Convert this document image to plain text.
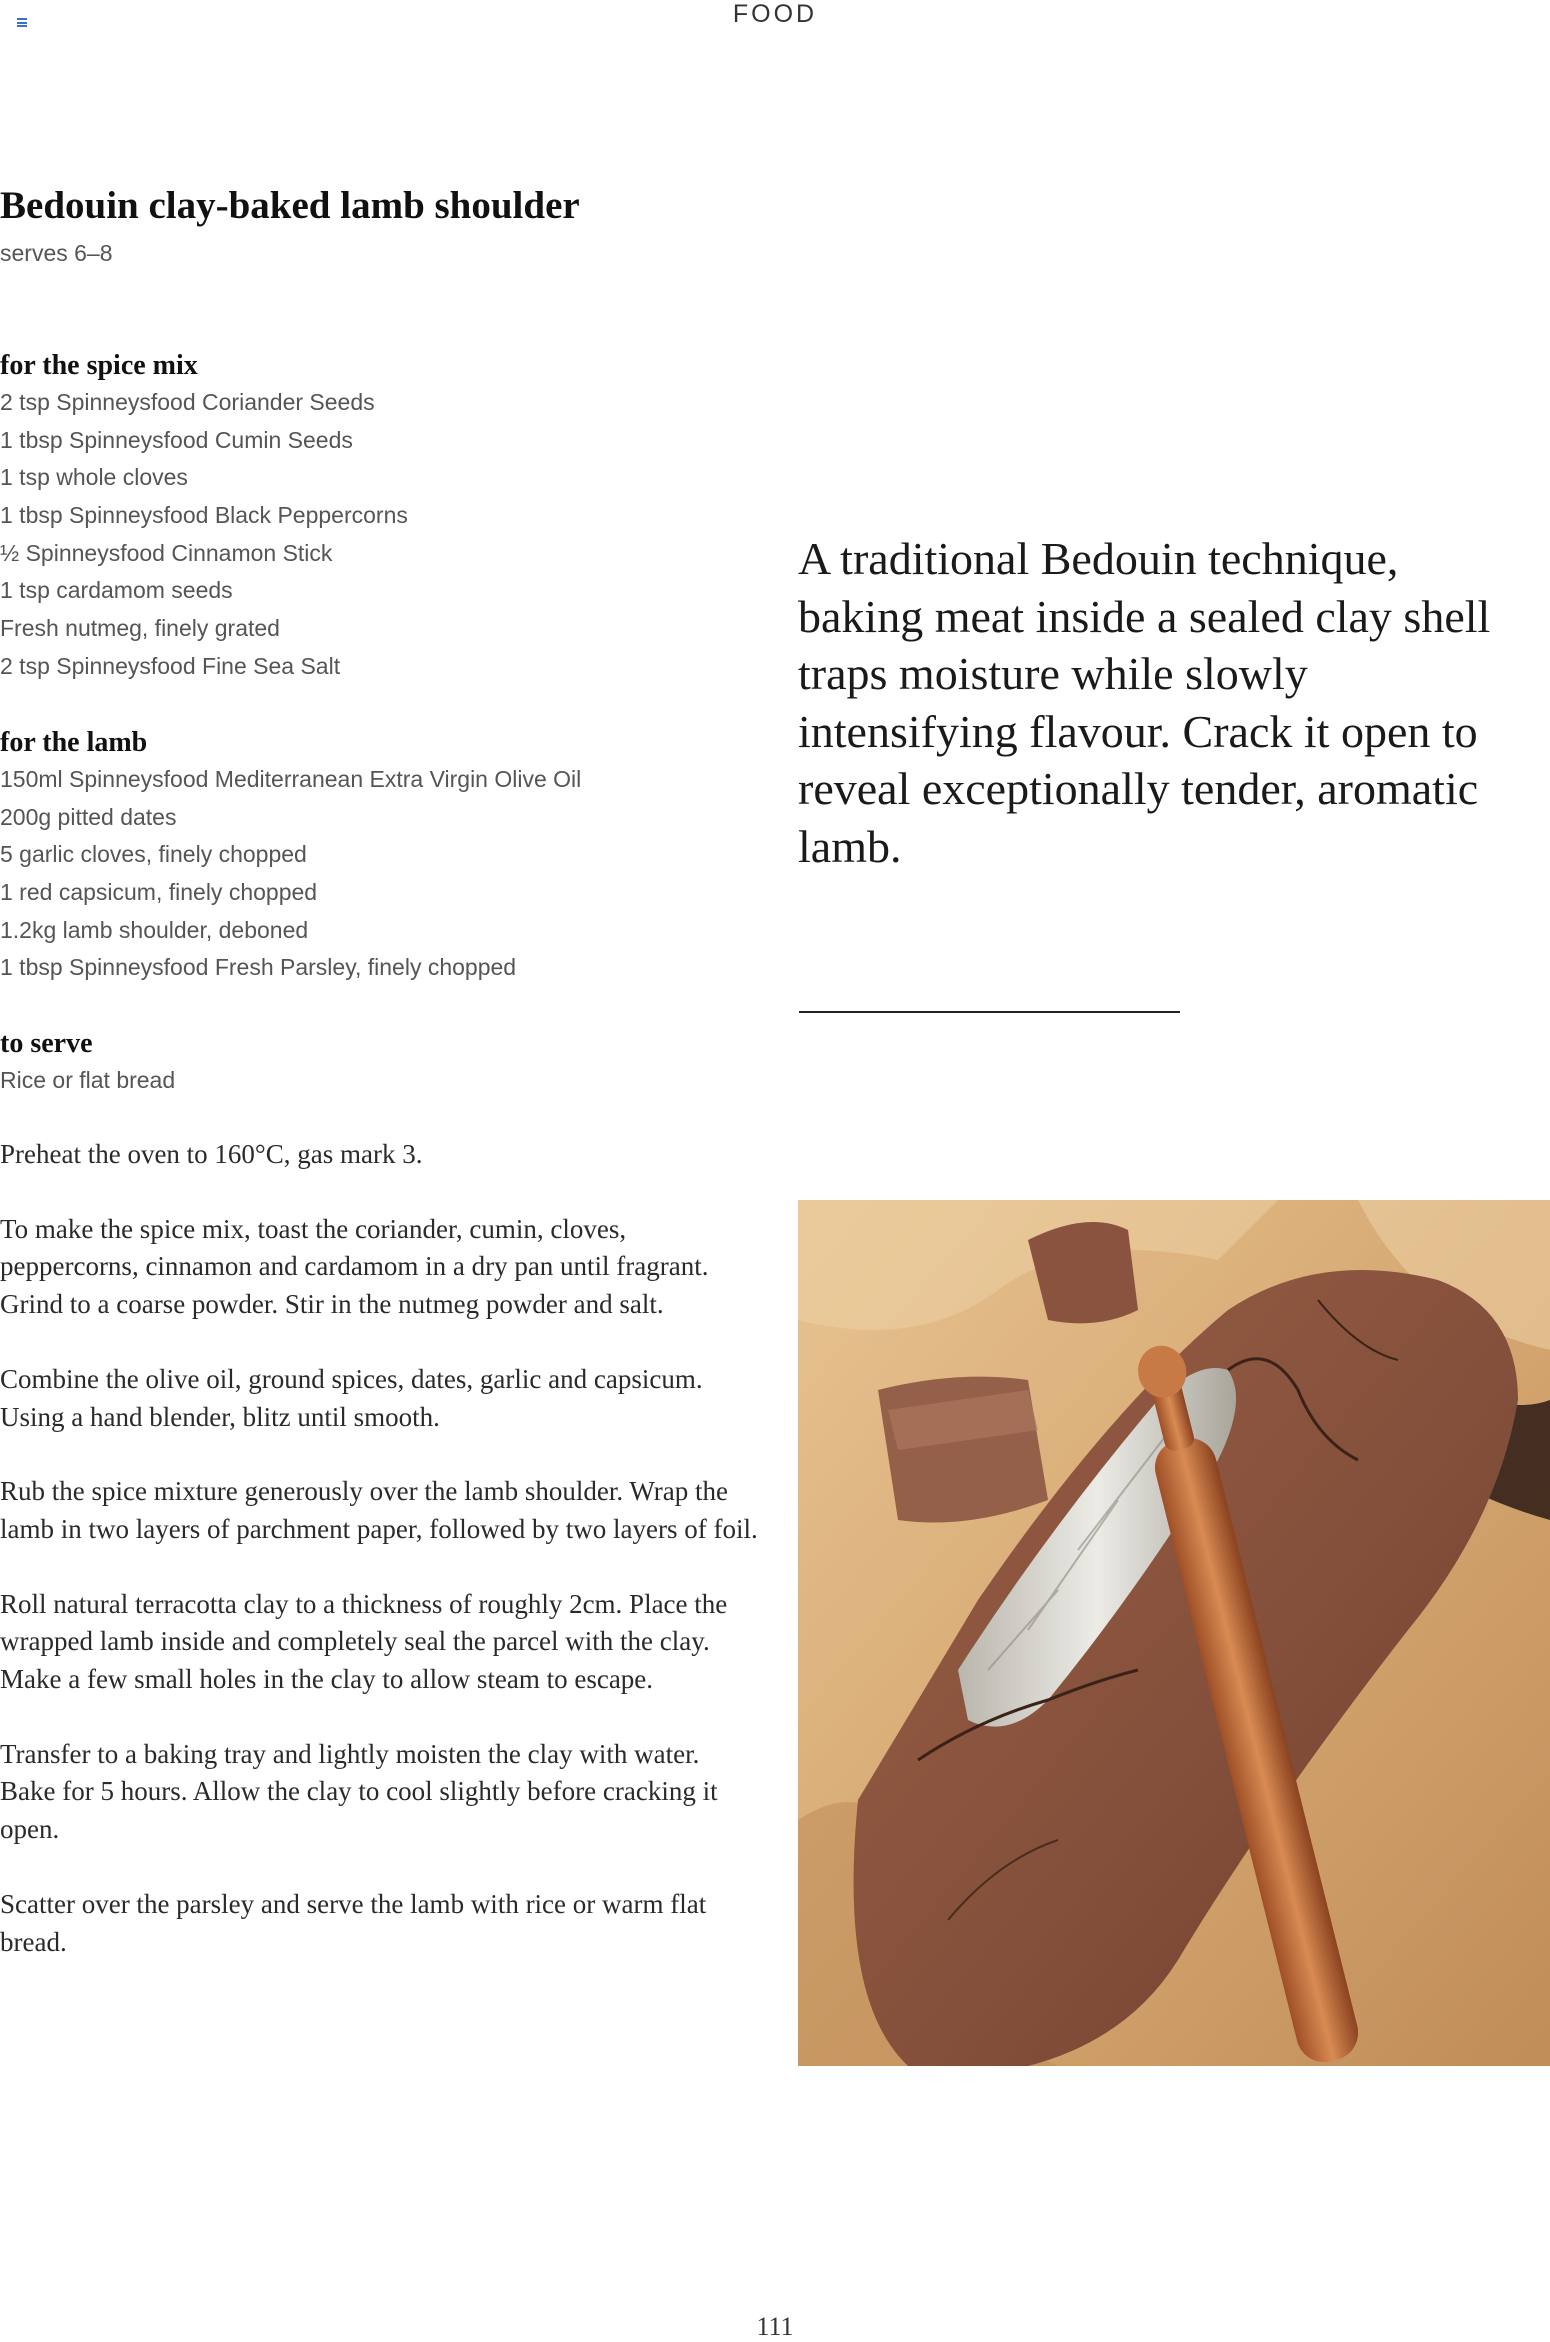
FOOD
Bedouin clay-baked lamb shoulder
serves 6–8
for the spice mix
2 tsp Spinneysfood Coriander Seeds
1 tbsp Spinneysfood Cumin Seeds
1 tsp whole cloves
1 tbsp Spinneysfood Black Peppercorns
½ Spinneysfood Cinnamon Stick
1 tsp cardamom seeds
Fresh nutmeg, finely grated
2 tsp Spinneysfood Fine Sea Salt
for the lamb
150ml Spinneysfood Mediterranean Extra Virgin Olive Oil
200g pitted dates
5 garlic cloves, finely chopped
1 red capsicum, finely chopped
1.2kg lamb shoulder, deboned
1 tbsp Spinneysfood Fresh Parsley, finely chopped
to serve
Rice or flat bread

Preheat the oven to 160°C, gas mark 3.

To make the spice mix, toast the coriander, cumin, cloves, peppercorns, cinnamon and cardamom in a dry pan until fragrant. Grind to a coarse powder. Stir in the nutmeg powder and salt.

Combine the olive oil, ground spices, dates, garlic and capsicum. Using a hand blender, blitz until smooth.

Rub the spice mixture generously over the lamb shoulder. Wrap the lamb in two layers of parchment paper, followed by two layers of foil.

Roll natural terracotta clay to a thickness of roughly 2cm. Place the wrapped lamb inside and completely seal the parcel with the clay. Make a few small holes in the clay to allow steam to escape.

Transfer to a baking tray and lightly moisten the clay with water. Bake for 5 hours. Allow the clay to cool slightly before cracking it open.

Scatter over the parsley and serve the lamb with rice or warm flat bread.

A traditional Bedouin technique, baking meat inside a sealed clay shell traps moisture while slowly intensifying flavour. Crack it open to reveal exceptionally tender, aromatic lamb.

111
